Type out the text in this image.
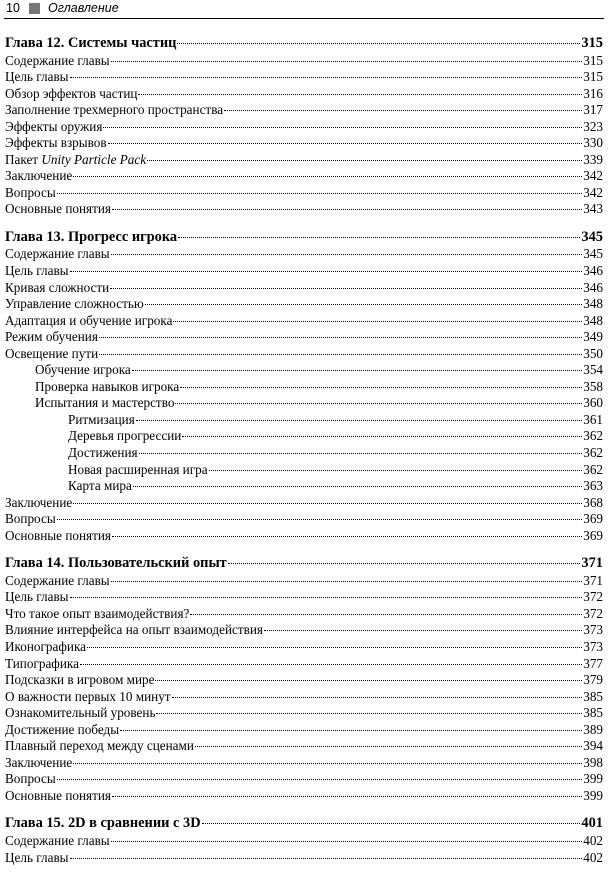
10 Оглавление
Глава 12. Системы частиц	315
Содержание главы	315
Цель главы	315
Обзор эффектов частиц	316
Заполнение трехмерного пространства	317
Эффекты оружия	323
Эффекты взрывов	330
Пакет Unity Particle Pack	339
Заключение	342
Вопросы	342
Основные понятия	343
Глава 13. Прогресс игрока	345
Содержание главы	345
Цель главы	346
Кривая сложности	346
Управление сложностью	348
Адаптация и обучение игрока	348
Режим обучения	349
Освещение пути	350
Обучение игрока	354
Проверка навыков игрока	358
Испытания и мастерство	360
Ритмизация	361
Деревья прогрессии	362
Достижения	362
Новая расширенная игра	362
Карта мира	363
Заключение	368
Вопросы	369
Основные понятия	369
Глава 14. Пользовательский опыт	371
Содержание главы	371
Цель главы	372
Что такое опыт взаимодействия?	372
Влияние интерфейса на опыт взаимодействия	373
Иконографика	373
Типографика	377
Подсказки в игровом мире	379
О важности первых 10 минут	385
Ознакомительный уровень	385
Достижение победы	389
Плавный переход между сценами	394
Заключение	398
Вопросы	399
Основные понятия	399
Глава 15. 2D в сравнении с 3D	401
Содержание главы	402
Цель главы	402
